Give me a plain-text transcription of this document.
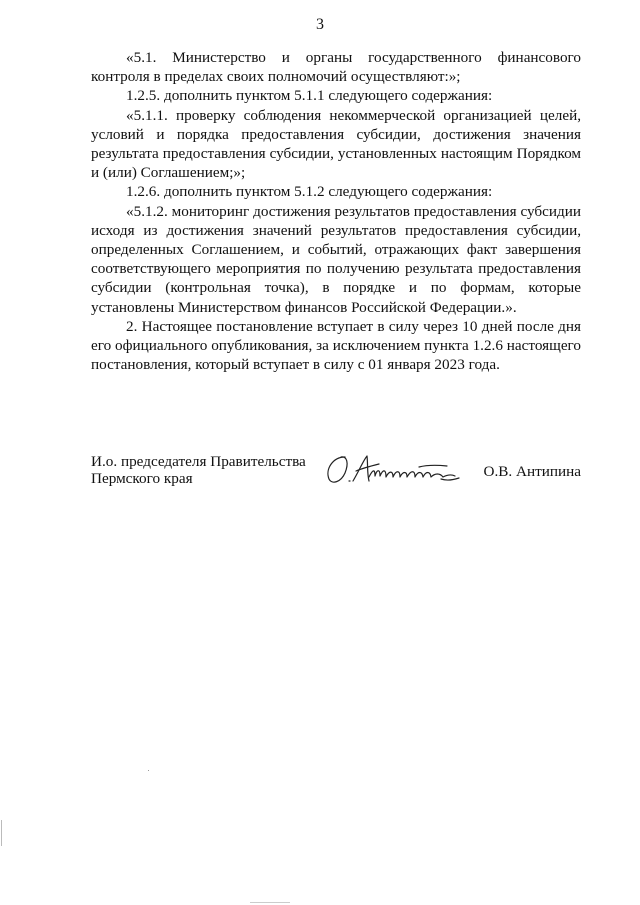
3

«5.1. Министерство и органы государственного финансового контроля в пределах своих полномочий осуществляют:»;

1.2.5. дополнить пунктом 5.1.1 следующего содержания:

«5.1.1. проверку соблюдения некоммерческой организацией целей, условий и порядка предоставления субсидии, достижения значения результата предоставления субсидии, установленных настоящим Порядком и (или) Соглашением;»;

1.2.6. дополнить пунктом 5.1.2 следующего содержания:

«5.1.2. мониторинг достижения результатов предоставления субсидии исходя из достижения значений результатов предоставления субсидии, определенных Соглашением, и событий, отражающих факт завершения соответствующего мероприятия по получению результата предоставления субсидии (контрольная точка), в порядке и по формам, которые установлены Министерством финансов Российской Федерации.».

2. Настоящее постановление вступает в силу через 10 дней после дня его официального опубликования, за исключением пункта 1.2.6 настоящего постановления, который вступает в силу с 01 января 2023 года.

И.о. председателя Правительства
Пермского края	О.В. Антипина
